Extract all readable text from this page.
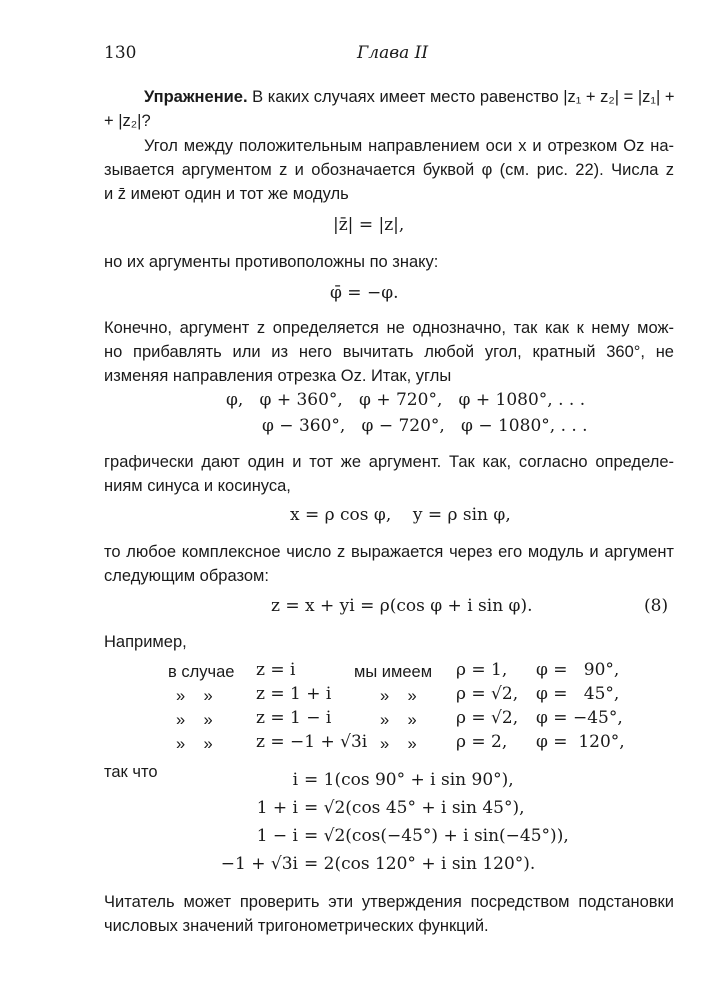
130	Глава II
Упражнение. В каких случаях имеет место равенство |z₁ + z₂| = |z₁| +
+ |z₂|?
Угол между положительным направлением оси x и отрезком Oz на-
зывается аргументом z и обозначается буквой φ (см. рис. 22). Числа z
и z̄ имеют один и тот же модуль
|z̄| = |z|,
но их аргументы противоположны по знаку:
φ̄ = −φ.
Конечно, аргумент z определяется не однозначно, так как к нему мож-
но прибавлять или из него вычитать любой угол, кратный 360°, не
изменяя направления отрезка Oz. Итак, углы
φ,   φ + 360°,   φ + 720°,   φ + 1080°, . . .
φ − 360°,   φ − 720°,   φ − 1080°, . . .
графически дают один и тот же аргумент. Так как, согласно определе-
ниям синуса и косинуса,
x = ρ cos φ,    y = ρ sin φ,
то любое комплексное число z выражается через его модуль и аргумент
следующим образом:
z = x + yi = ρ(cos φ + i sin φ).	(8)
Например,
в случае z = i	мы имеем ρ = 1, φ =   90°,
»    »	z = 1 + i	»    » ρ = √2, φ =   45°,
»    »	z = 1 − i	»    » ρ = √2, φ = −45°,
»    »	z = −1 + √3i »    » ρ = 2, φ =  120°,
так что	i = 1(cos 90° + i sin 90°),
1 + i = √2(cos 45° + i sin 45°),
1 − i = √2(cos(−45°) + i sin(−45°)),
−1 + √3i = 2(cos 120° + i sin 120°).
Читатель может проверить эти утверждения посредством подстановки
числовых значений тригонометрических функций.
